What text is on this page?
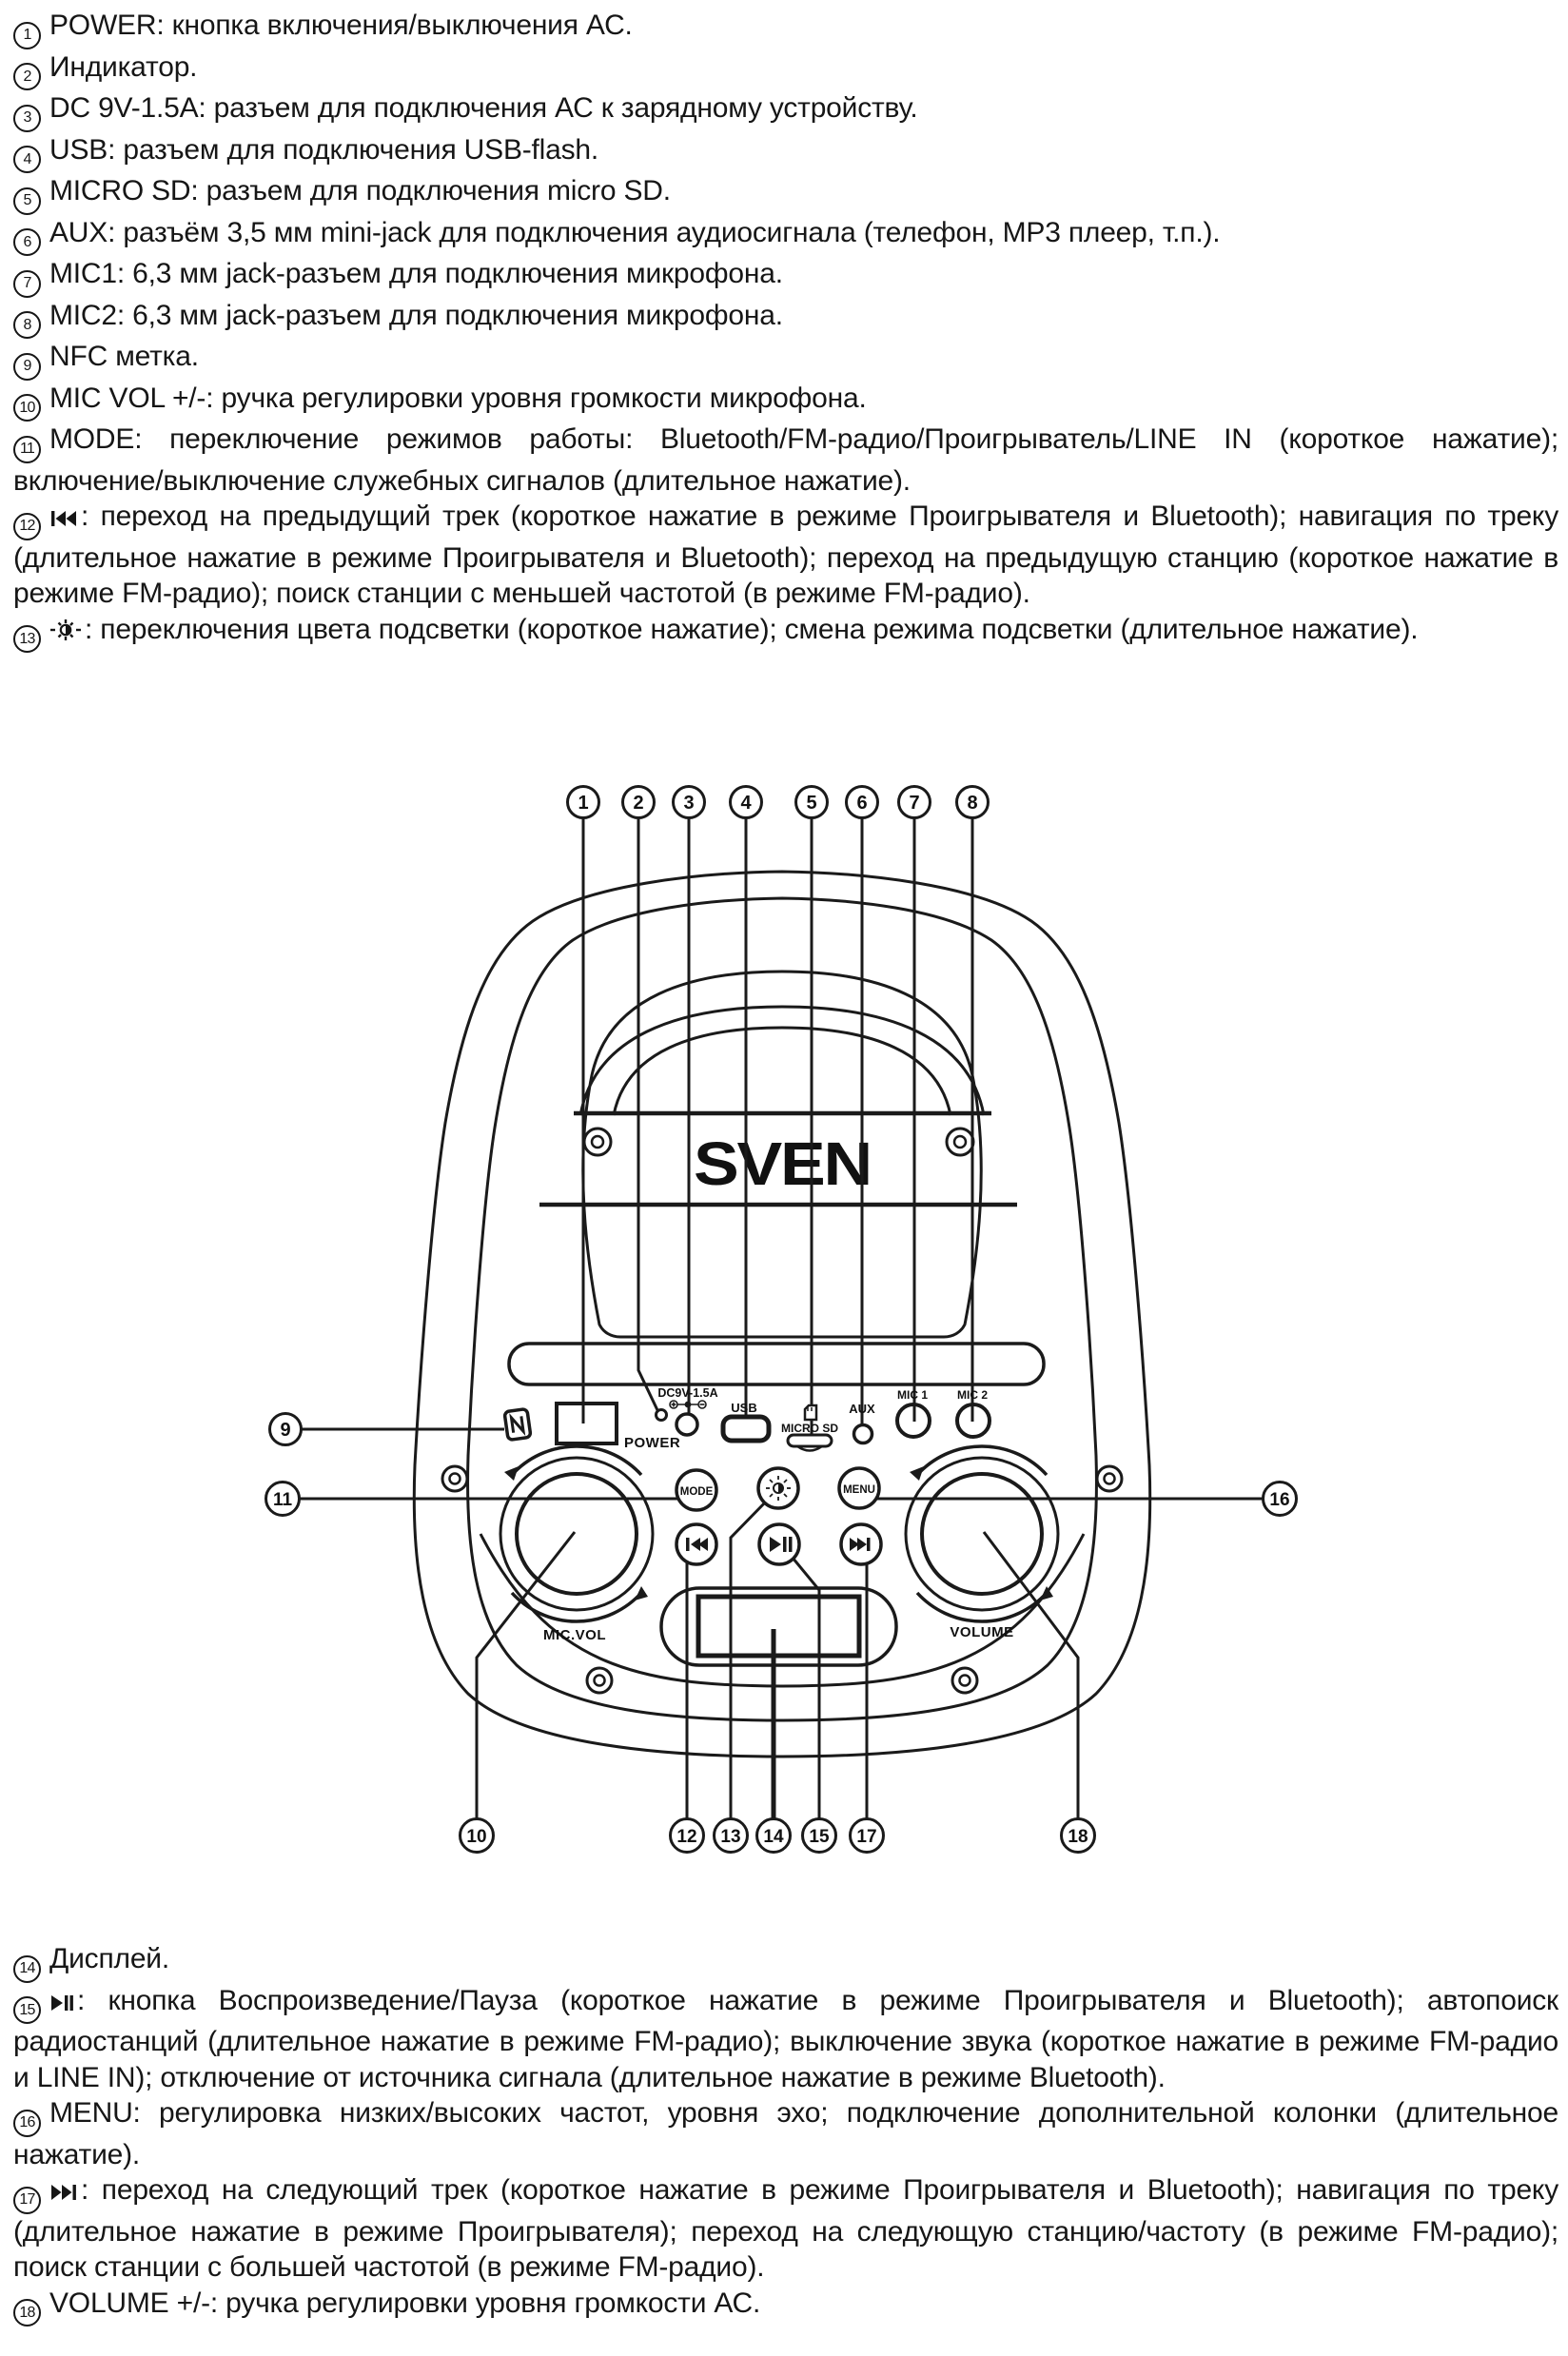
1 POWER: кнопка включения/выключения АС.

2 Индикатор.

3 DC 9V-1.5A: разъем для подключения АС к зарядному устройству.

4 USB: разъем для подключения USB-flash.

5 MICRO SD: разъем для подключения micro SD.

6 AUX: разъём 3,5 мм mini-jack для подключения аудиосигнала (телефон, MP3 плеер, т.п.).

7 MIC1: 6,3 мм jack-разъем для подключения микрофона.

8 MIC2: 6,3 мм jack-разъем для подключения микрофона.

9 NFC метка.

10 MIC VOL +/-: ручка регулировки уровня громкости микрофона.

11 MODE: переключение режимов работы: Bluetooth/FM-радио/Проигрыватель/LINE IN (короткое нажатие); включение/выключение служебных сигналов (длительное нажатие).

12 : переход на предыдущий трек (короткое нажатие в режиме Проигрывателя и Bluetooth); навигация по треку (длительное нажатие в режиме Проигрывателя и Bluetooth); переход на предыдущую станцию (короткое нажатие в режиме FM-радио); поиск станции с меньшей частотой (в режиме FM-радио).

13 : переключения цвета подсветки (короткое нажатие); смена режима подсветки (длительное нажатие).

SVEN
POWER
DC9V-1.5A
USB
MICRO SD
AUX
MIC 1	MIC 2
MODE	MENU
MIC.VOL	VOLUME
1 2 3 4	5 6 7 8
9
11	16
10	12 13 14 15 17	18

14 Дисплей.

15 : кнопка Воспроизведение/Пауза (короткое нажатие в режиме Проигрывателя и Bluetooth); автопоиск радиостанций (длительное нажатие в режиме FM-радио); выключение звука (короткое нажатие в режиме FM-радио и LINE IN); отключение от источника сигнала (длительное нажатие в режиме Bluetooth).

16 MENU: регулировка низких/высоких частот, уровня эхо; подключение дополнительной колонки (длительное нажатие).

17 : переход на следующий трек (короткое нажатие в режиме Проигрывателя и Bluetooth); навигация по треку (длительное нажатие в режиме Проигрывателя); переход на следующую станцию/частоту (в режиме FM-радио); поиск станции с большей частотой (в режиме FM-радио).

18 VOLUME +/-: ручка регулировки уровня громкости АС.
